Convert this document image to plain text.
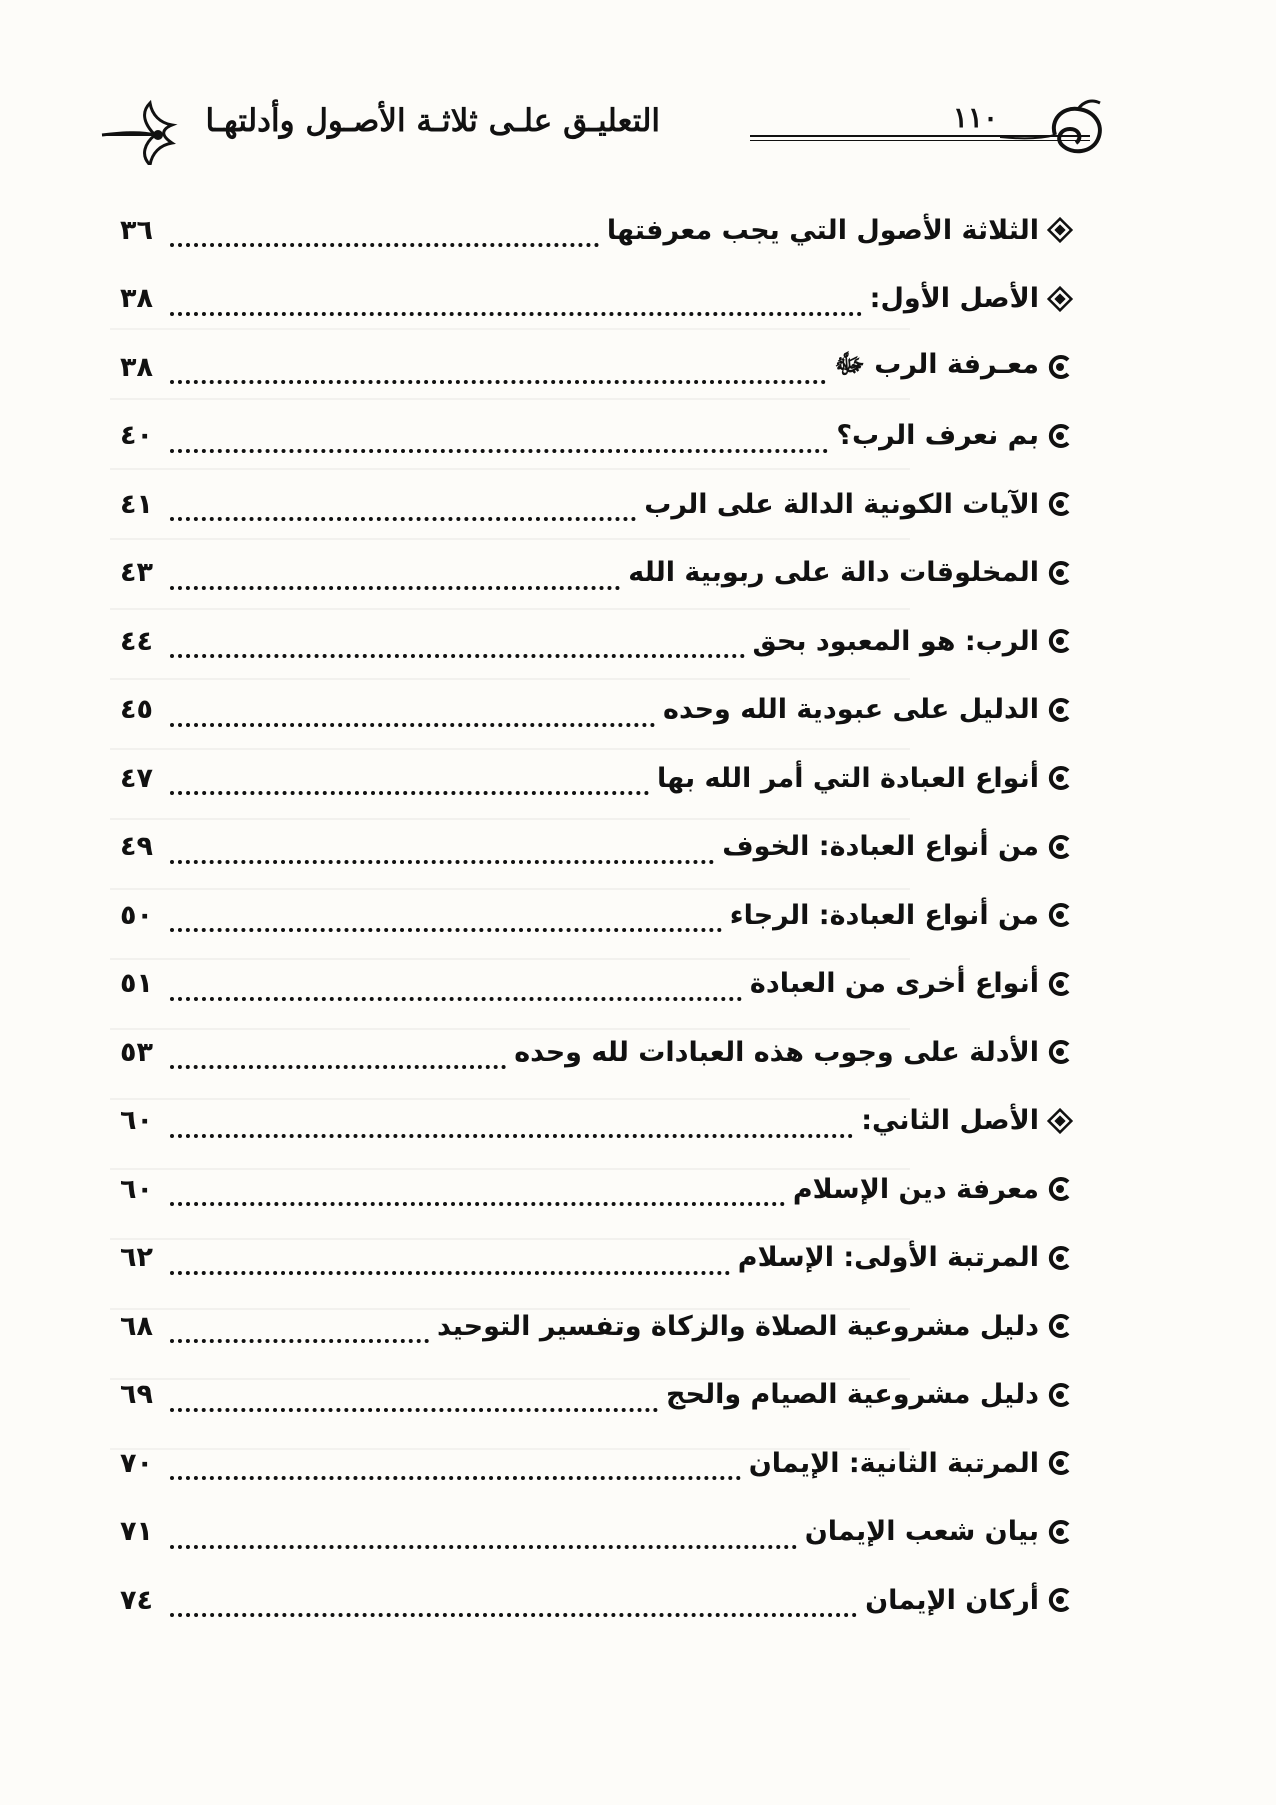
التعليـق علـى ثلاثـة الأصـول وأدلتهـا	١١٠
الثلاثة الأصول التي يجب معرفتها
٣٦
الأصل الأول:
٣٨
معـرفة الرب ﷻ
٣٨
بم نعرف الرب؟
٤٠
الآيات الكونية الدالة على الرب
٤١
المخلوقات دالة على ربوبية الله
٤٣
الرب: هو المعبود بحق
٤٤
الدليل على عبودية الله وحده
٤٥
أنواع العبادة التي أمر الله بها
٤٧
من أنواع العبادة: الخوف
٤٩
من أنواع العبادة: الرجاء
٥٠
أنواع أخرى من العبادة
٥١
الأدلة على وجوب هذه العبادات لله وحده
٥٣
الأصل الثاني:
٦٠
معرفة دين الإسلام
٦٠
المرتبة الأولى: الإسلام
٦٢
دليل مشروعية الصلاة والزكاة وتفسير التوحيد
٦٨
دليل مشروعية الصيام والحج
٦٩
المرتبة الثانية: الإيمان
٧٠
بيان شعب الإيمان
٧١
أركان الإيمان
٧٤
